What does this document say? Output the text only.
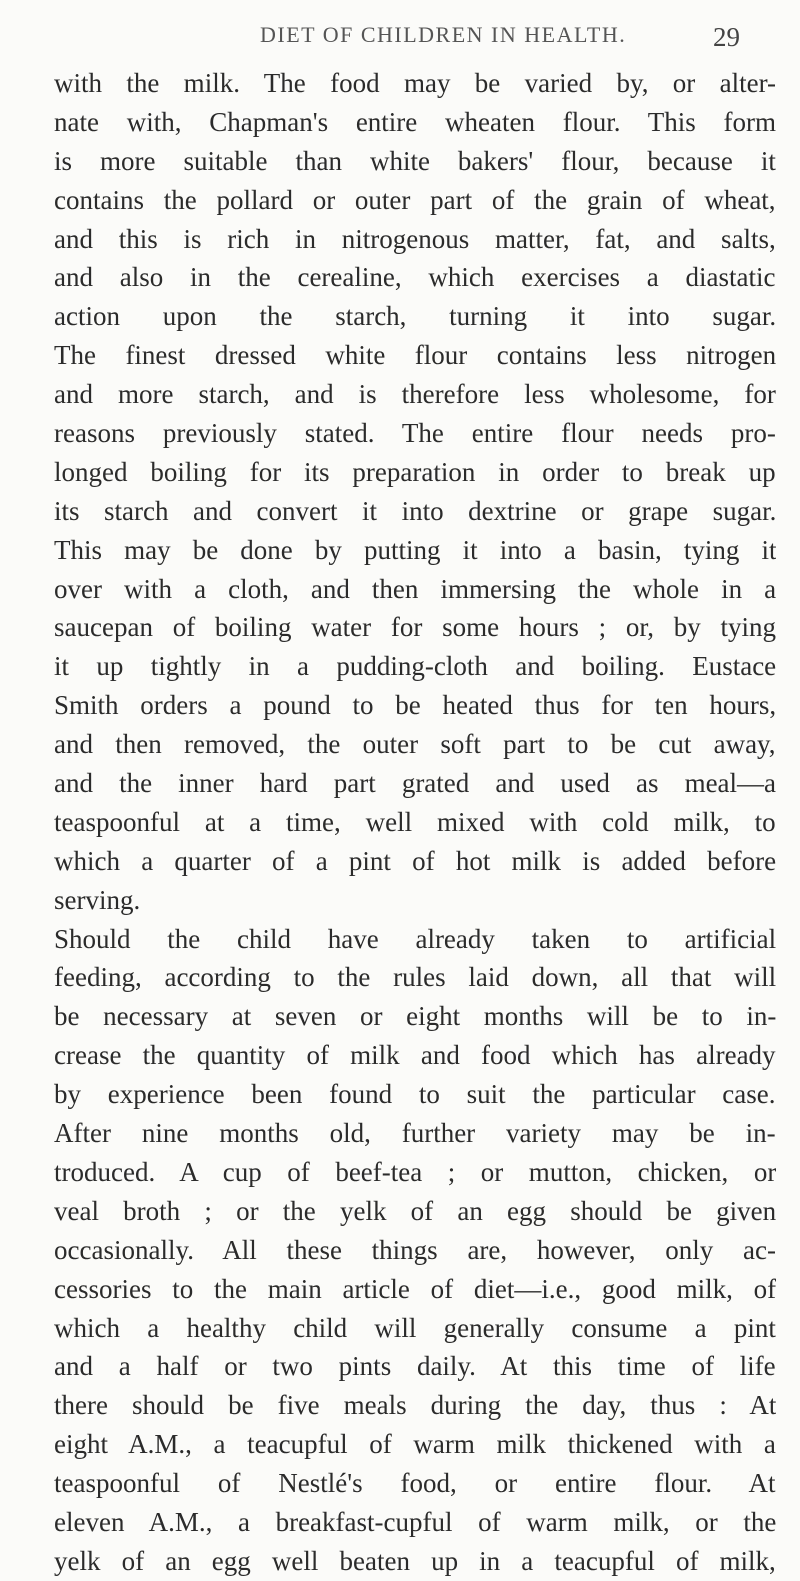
DIET OF CHILDREN IN HEALTH.	29
with the milk. The food may be varied by, or alter-
nate with, Chapman's entire wheaten flour. This form
is more suitable than white bakers' flour, because it
contains the pollard or outer part of the grain of wheat,
and this is rich in nitrogenous matter, fat, and salts,
and also in the cerealine, which exercises a diastatic
action upon the starch, turning it into sugar.
The finest dressed white flour contains less nitrogen
and more starch, and is therefore less wholesome, for
reasons previously stated. The entire flour needs pro-
longed boiling for its preparation in order to break up
its starch and convert it into dextrine or grape sugar.
This may be done by putting it into a basin, tying it
over with a cloth, and then immersing the whole in a
saucepan of boiling water for some hours ; or, by tying
it up tightly in a pudding-cloth and boiling. Eustace
Smith orders a pound to be heated thus for ten hours,
and then removed, the outer soft part to be cut away,
and the inner hard part grated and used as meal—a
teaspoonful at a time, well mixed with cold milk, to
which a quarter of a pint of hot milk is added before
serving.
Should the child have already taken to artificial
feeding, according to the rules laid down, all that will
be necessary at seven or eight months will be to in-
crease the quantity of milk and food which has already
by experience been found to suit the particular case.
After nine months old, further variety may be in-
troduced. A cup of beef-tea ; or mutton, chicken, or
veal broth ; or the yelk of an egg should be given
occasionally. All these things are, however, only ac-
cessories to the main article of diet—i.e., good milk, of
which a healthy child will generally consume a pint
and a half or two pints daily. At this time of life
there should be five meals during the day, thus : At
eight A.M., a teacupful of warm milk thickened with a
teaspoonful of Nestlé's food, or entire flour. At
eleven A.M., a breakfast-cupful of warm milk, or the
yelk of an egg well beaten up in a teacupful of milk,
